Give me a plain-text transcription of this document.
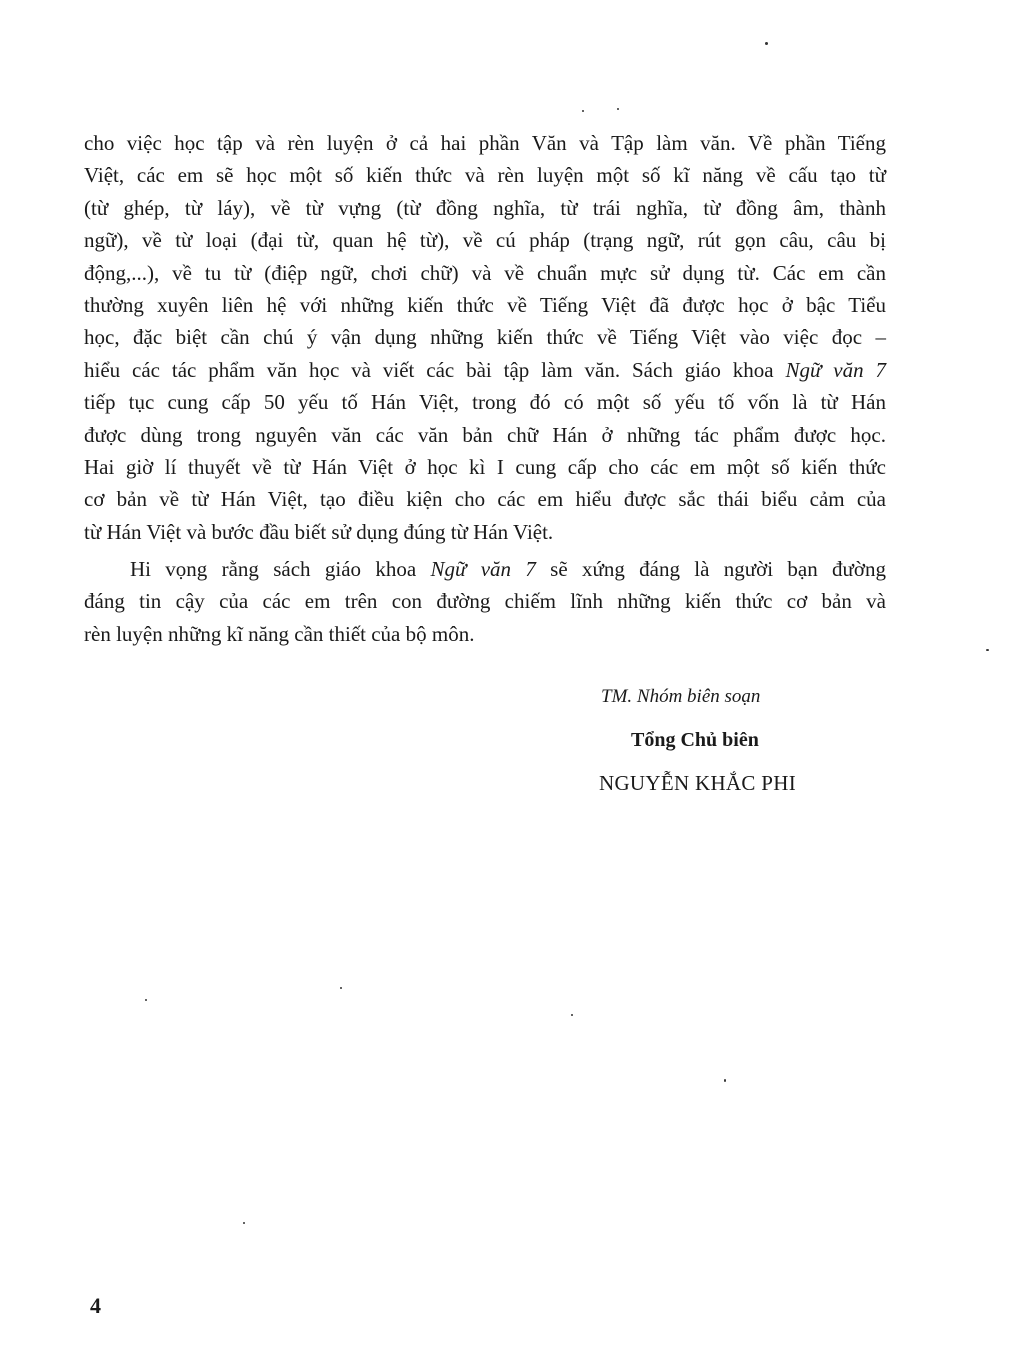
cho việc học tập và rèn luyện ở cả hai phần Văn và Tập làm văn. Về phần Tiếng
Việt, các em sẽ học một số kiến thức và rèn luyện một số kĩ năng về cấu tạo từ
(từ ghép, từ láy), về từ vựng (từ đồng nghĩa, từ trái nghĩa, từ đồng âm, thành
ngữ), về từ loại (đại từ, quan hệ từ), về cú pháp (trạng ngữ, rút gọn câu, câu bị
động,...), về tu từ (điệp ngữ, chơi chữ) và về chuẩn mực sử dụng từ. Các em cần
thường xuyên liên hệ với những kiến thức về Tiếng Việt đã được học ở bậc Tiểu
học, đặc biệt cần chú ý vận dụng những kiến thức về Tiếng Việt vào việc đọc –
hiểu các tác phẩm văn học và viết các bài tập làm văn. Sách giáo khoa Ngữ văn 7
tiếp tục cung cấp 50 yếu tố Hán Việt, trong đó có một số yếu tố vốn là từ Hán
được dùng trong nguyên văn các văn bản chữ Hán ở những tác phẩm được học.
Hai giờ lí thuyết về từ Hán Việt ở học kì I cung cấp cho các em một số kiến thức
cơ bản về từ Hán Việt, tạo điều kiện cho các em hiểu được sắc thái biểu cảm của
từ Hán Việt và bước đầu biết sử dụng đúng từ Hán Việt.
Hi vọng rằng sách giáo khoa Ngữ văn 7 sẽ xứng đáng là người bạn đường
đáng tin cậy của các em trên con đường chiếm lĩnh những kiến thức cơ bản và
rèn luyện những kĩ năng cần thiết của bộ môn.
TM. Nhóm biên soạn
Tổng Chủ biên
NGUYỄN KHẮC PHI
4
